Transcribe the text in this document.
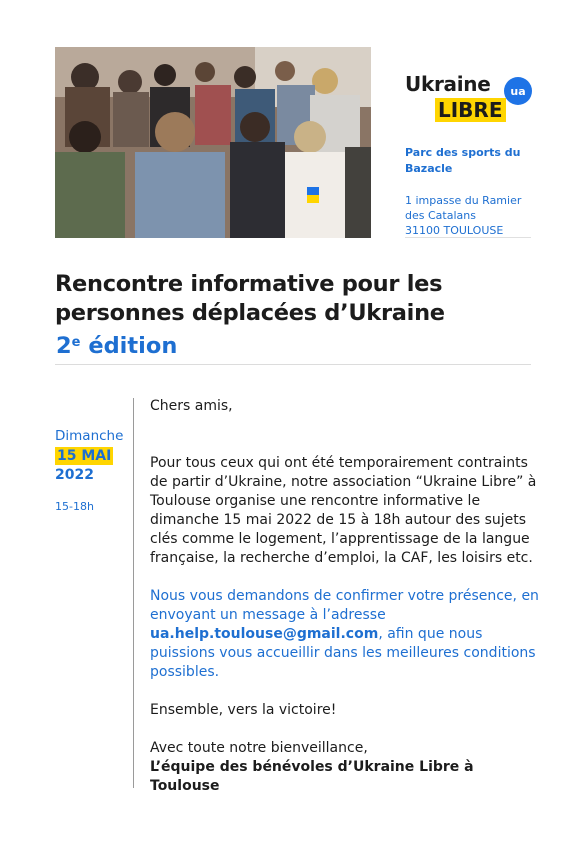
Ukraine
LIBRE
ua
Parc des sports du Bazacle
1 impasse du Ramier
des Catalans
31100 TOULOUSE
Rencontre informative pour les
personnes déplacées d’Ukraine
2e édition
Dimanche
15 MAI
2022
15-18h

Chers amis,

Pour tous ceux qui ont été temporairement contraints de partir d’Ukraine, notre association “Ukraine Libre” à Toulouse organise une rencontre informative le dimanche 15 mai 2022 de 15 à 18h autour des sujets clés comme le logement, l’apprentissage de la langue française, la recherche d’emploi, la CAF, les loisirs etc.

Nous vous demandons de confirmer votre présence, en envoyant un message à l’adresse ua.help.toulouse@gmail.com, afin que nous puissions vous accueillir dans les meilleures conditions possibles.

Ensemble, vers la victoire!

Avec toute notre bienveillance,

L’équipe des bénévoles d’Ukraine Libre à Toulouse
